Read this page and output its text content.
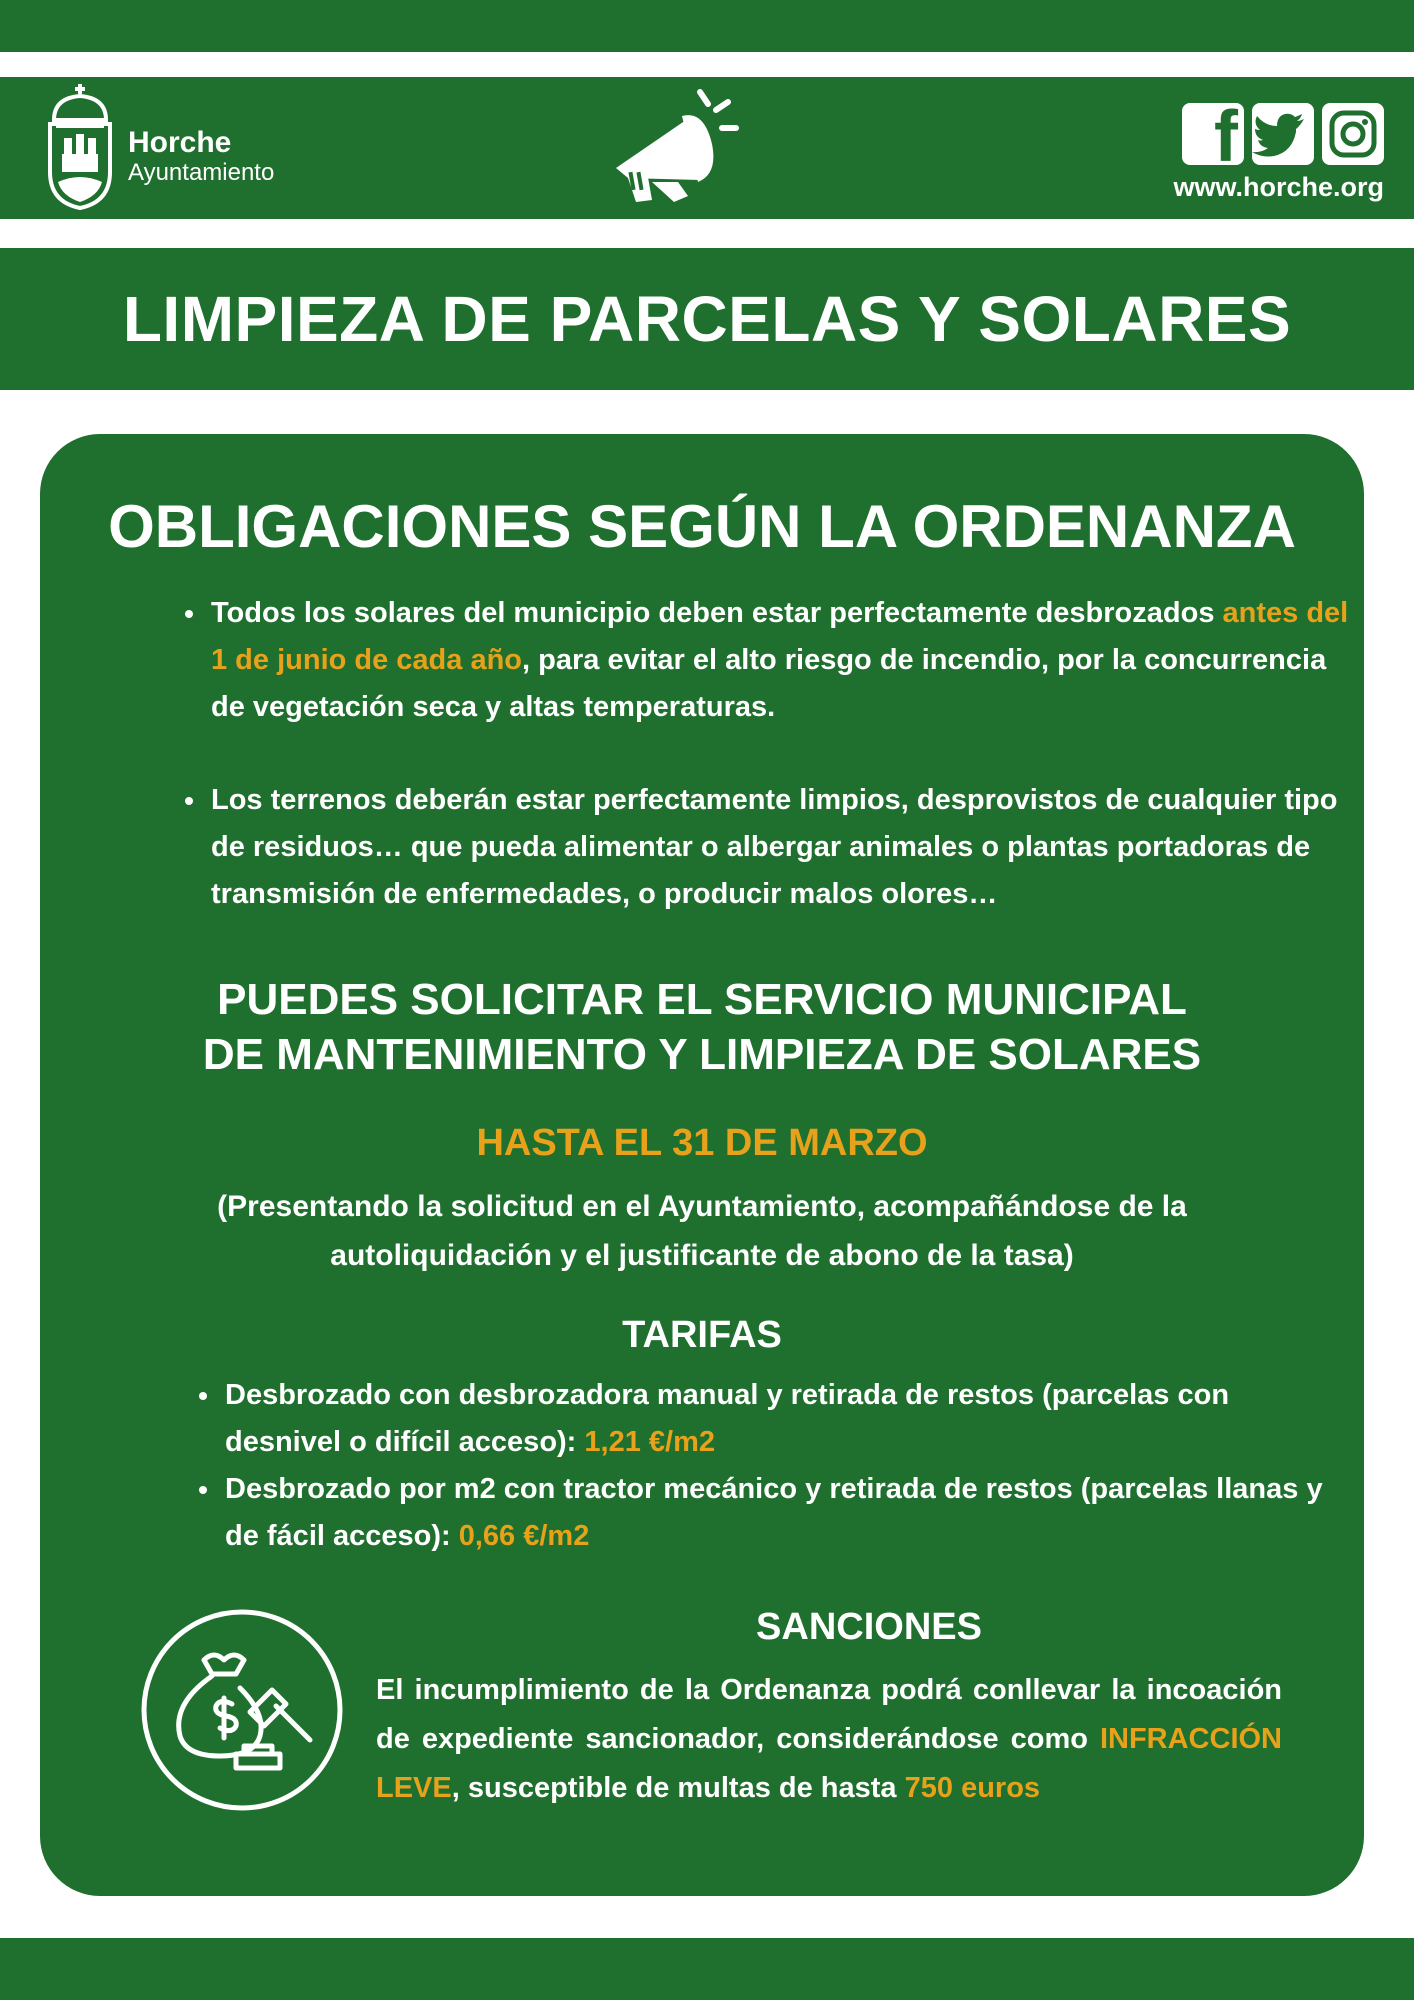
Horche
Ayuntamiento	f
www.horche.org
LIMPIEZA DE PARCELAS Y SOLARES
OBLIGACIONES SEGÚN LA ORDENANZA
Todos los solares del municipio deben estar perfectamente desbrozados antes del 1 de junio de cada año, para evitar el alto riesgo de incendio, por la concurrencia de vegetación seca y altas temperaturas.
Los terrenos deberán estar perfectamente limpios, desprovistos de cualquier tipo de residuos… que pueda alimentar o albergar animales o plantas portadoras de transmisión de enfermedades, o producir malos olores…
PUEDES SOLICITAR EL SERVICIO MUNICIPAL
DE MANTENIMIENTO Y LIMPIEZA DE SOLARES
HASTA EL 31 DE MARZO
(Presentando la solicitud en el Ayuntamiento, acompañándose de la
autoliquidación y el justificante de abono de la tasa)
TARIFAS
Desbrozado con desbrozadora manual y retirada de restos (parcelas con desnivel o difícil acceso): 1,21 €/m2
Desbrozado por m2 con tractor mecánico y retirada de restos (parcelas llanas y de fácil acceso): 0,66 €/m2
SANCIONES

El incumplimiento de la Ordenanza podrá conllevar la incoación de expediente sancionador, considerándose como INFRACCIÓN LEVE, susceptible de multas de hasta 750 euros
